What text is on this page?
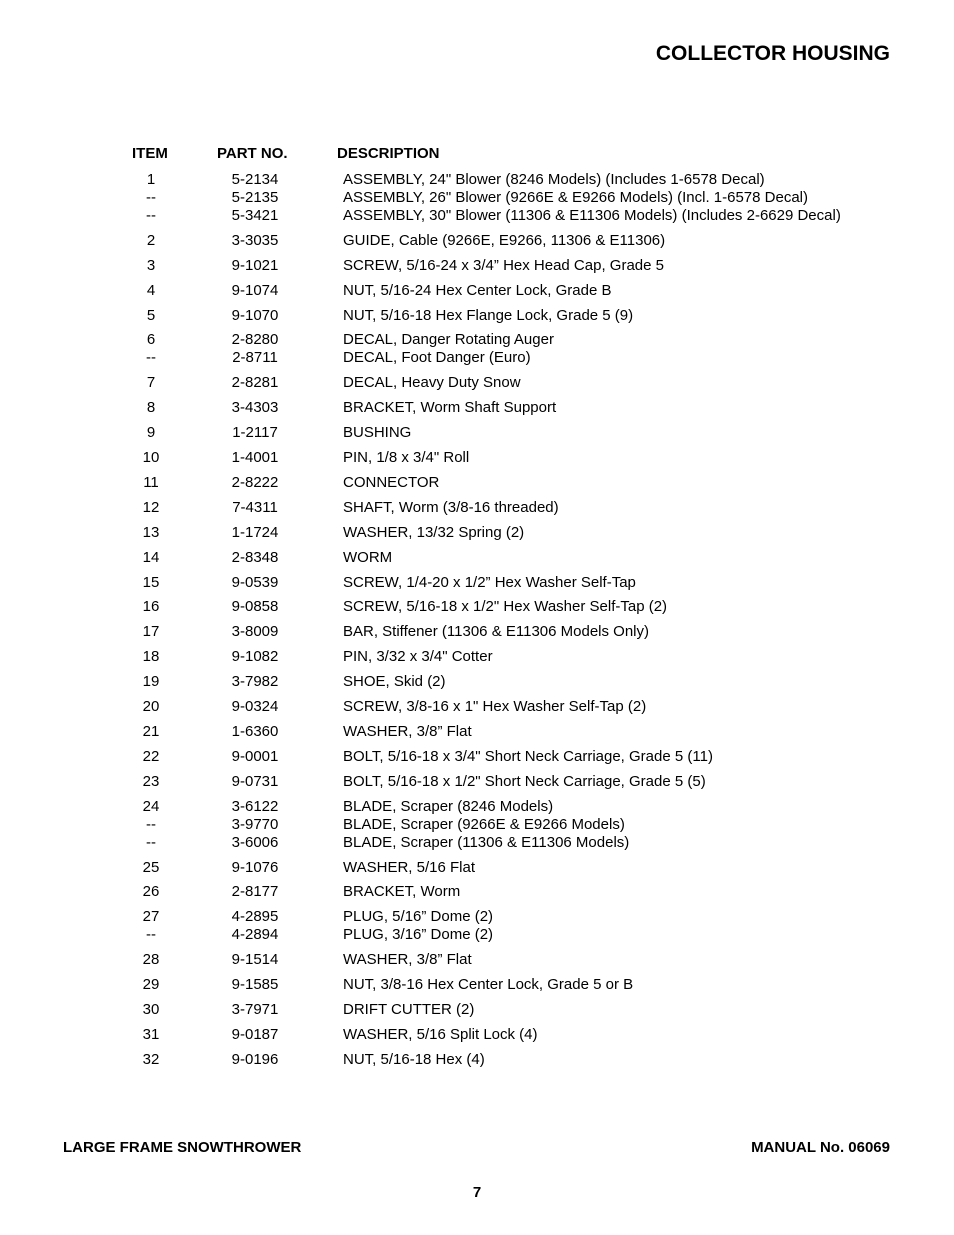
COLLECTOR HOUSING
ITEM	PART NO.	DESCRIPTION
1	5-2134	ASSEMBLY, 24" Blower (8246 Models) (Includes 1-6578 Decal)
--	5-2135	ASSEMBLY, 26" Blower (9266E & E9266 Models) (Incl. 1-6578 Decal)
--	5-3421	ASSEMBLY, 30" Blower (11306 & E11306 Models) (Includes 2-6629 Decal)
2	3-3035	GUIDE, Cable (9266E, E9266, 11306 & E11306)
3	9-1021	SCREW, 5/16-24 x 3/4” Hex Head Cap, Grade 5
4	9-1074	NUT, 5/16-24 Hex Center Lock, Grade B
5	9-1070	NUT, 5/16-18 Hex Flange Lock, Grade 5 (9)
6	2-8280	DECAL, Danger Rotating Auger
--	2-8711	DECAL, Foot Danger (Euro)
7	2-8281	DECAL, Heavy Duty Snow
8	3-4303	BRACKET, Worm Shaft Support
9	1-2117	BUSHING
10	1-4001	PIN, 1/8 x 3/4" Roll
11	2-8222	CONNECTOR
12	7-4311	SHAFT, Worm (3/8-16 threaded)
13	1-1724	WASHER, 13/32 Spring (2)
14	2-8348	WORM
15	9-0539	SCREW, 1/4-20 x 1/2” Hex Washer Self-Tap
16	9-0858	SCREW, 5/16-18 x 1/2" Hex Washer Self-Tap (2)
17	3-8009	BAR, Stiffener (11306 & E11306 Models Only)
18	9-1082	PIN, 3/32 x 3/4" Cotter
19	3-7982	SHOE, Skid (2)
20	9-0324	SCREW, 3/8-16 x 1" Hex Washer Self-Tap (2)
21	1-6360	WASHER, 3/8” Flat
22	9-0001	BOLT, 5/16-18 x 3/4" Short Neck Carriage, Grade 5 (11)
23	9-0731	BOLT, 5/16-18 x 1/2" Short Neck Carriage, Grade 5 (5)
24	3-6122	BLADE, Scraper (8246 Models)
--	3-9770	BLADE, Scraper (9266E & E9266 Models)
--	3-6006	BLADE, Scraper (11306 & E11306 Models)
25	9-1076	WASHER, 5/16 Flat
26	2-8177	BRACKET, Worm
27	4-2895	PLUG, 5/16” Dome (2)
--	4-2894	PLUG, 3/16” Dome (2)
28	9-1514	WASHER, 3/8” Flat
29	9-1585	NUT, 3/8-16 Hex Center Lock, Grade 5 or B
30	3-7971	DRIFT CUTTER (2)
31	9-0187	WASHER, 5/16 Split Lock (4)
32	9-0196	NUT, 5/16-18 Hex (4)
LARGE FRAME SNOWTHROWER	MANUAL No. 06069
7
